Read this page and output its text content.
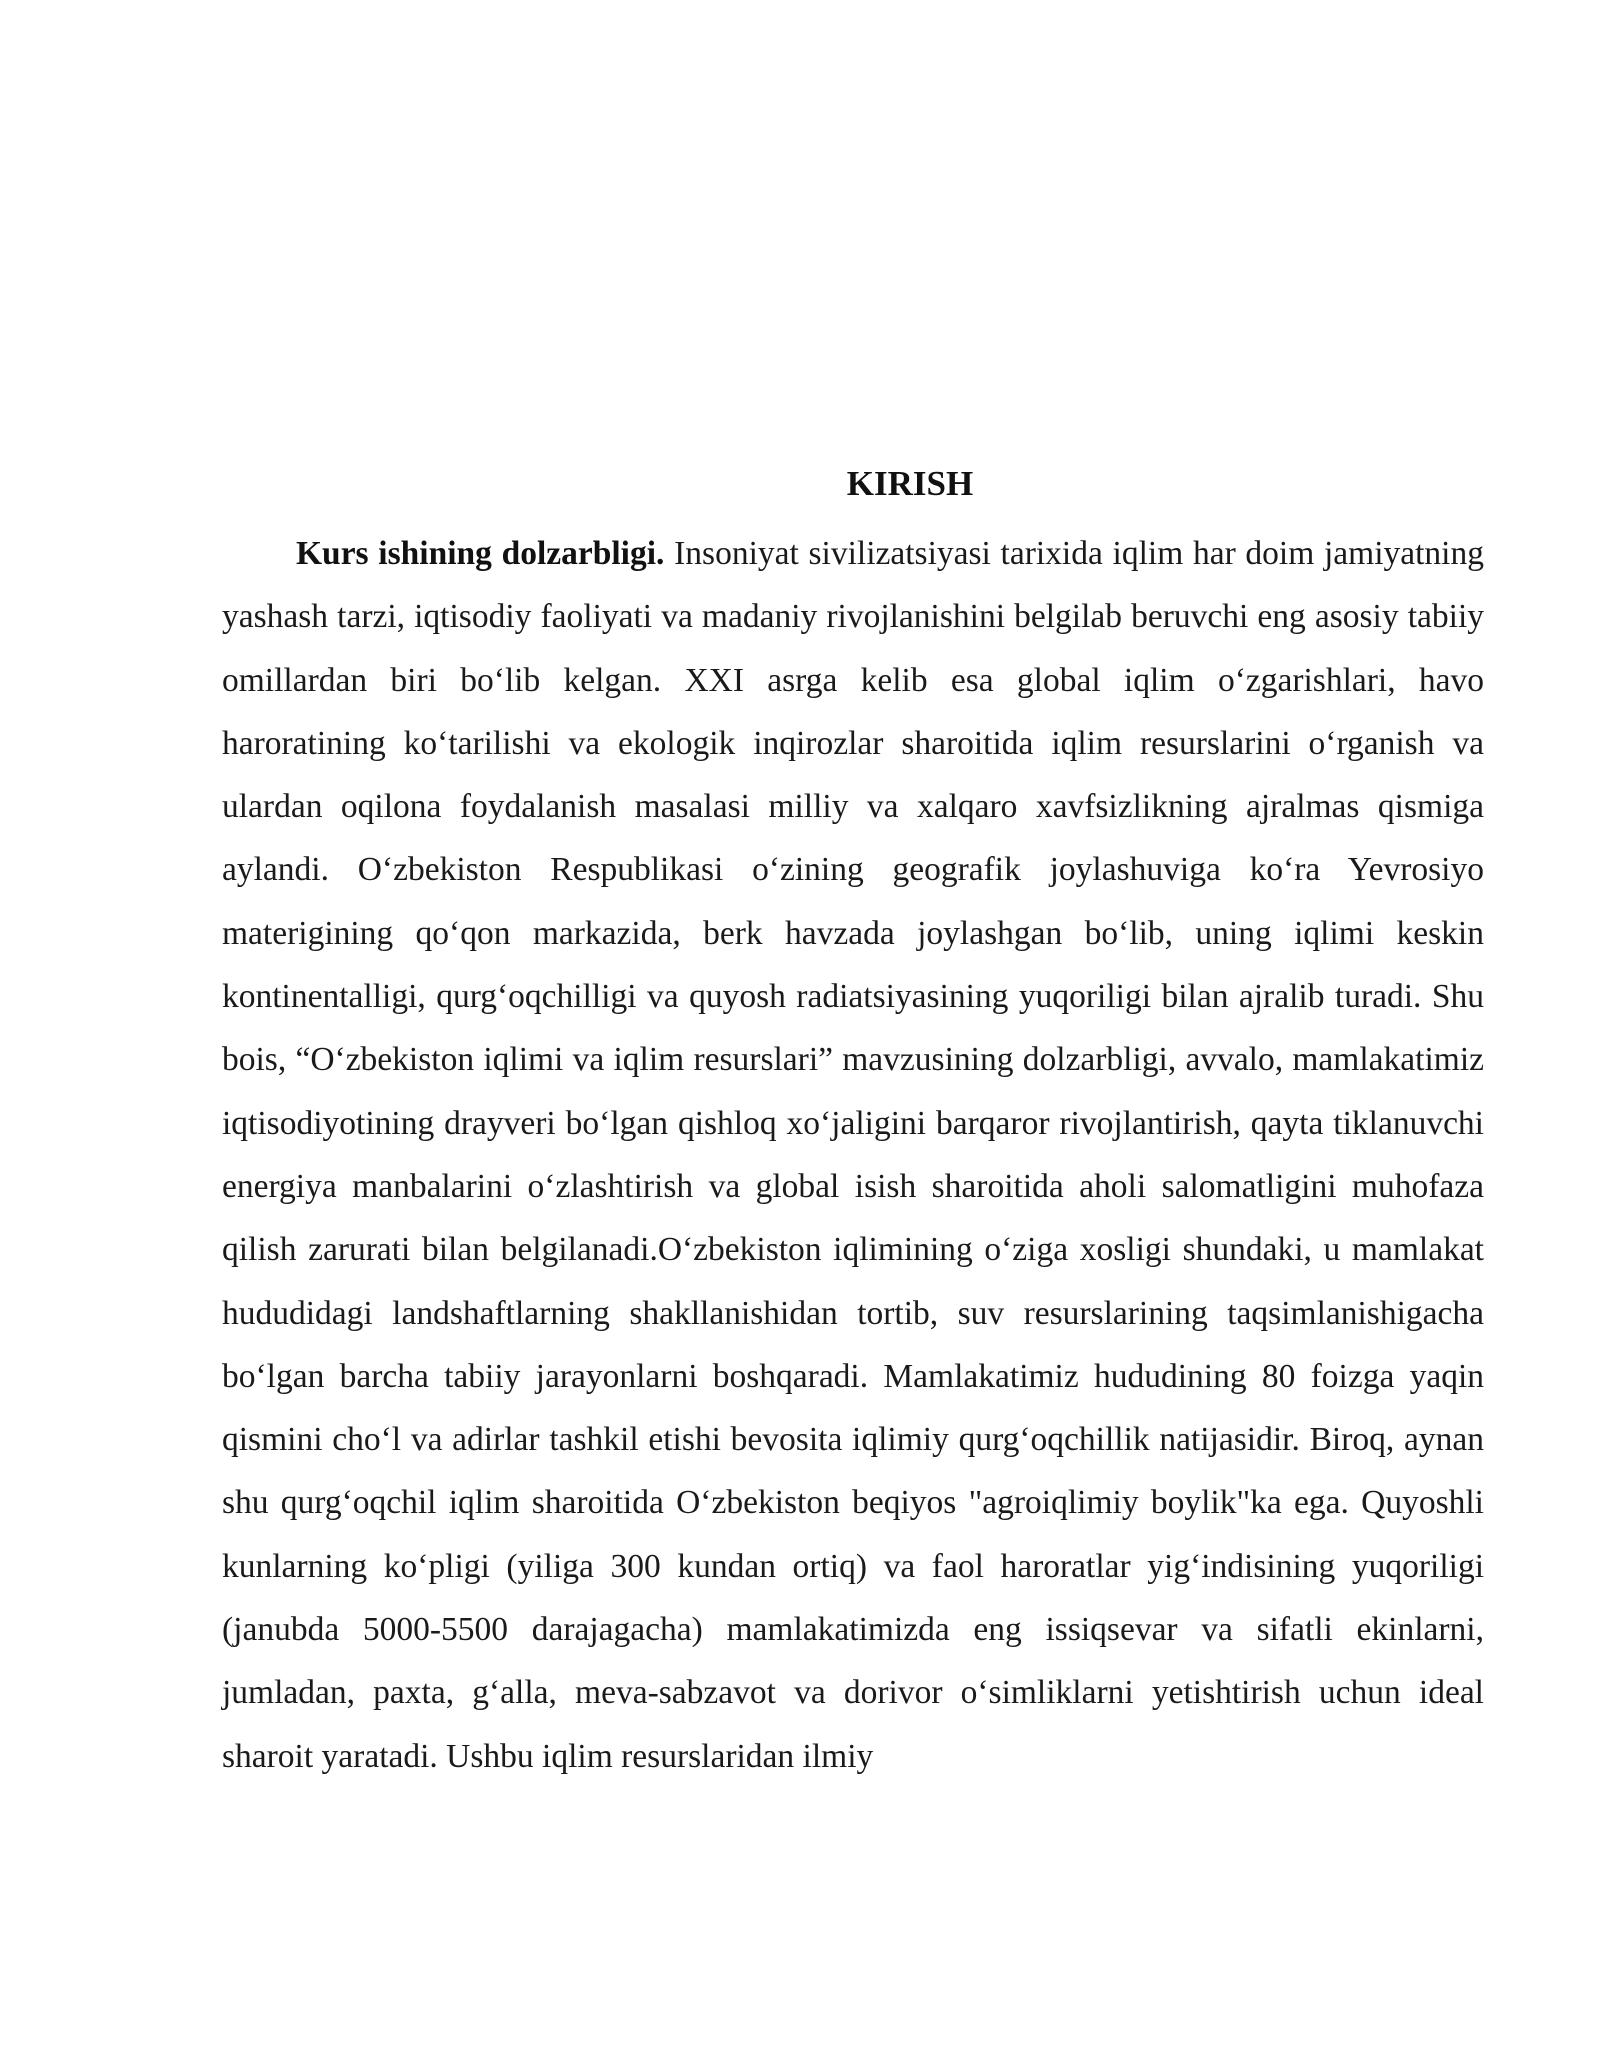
KIRISH

Kurs ishining dolzarbligi. Insoniyat sivilizatsiyasi tarixida iqlim har doim jamiyatning yashash tarzi, iqtisodiy faoliyati va madaniy rivojlanishini belgilab beruvchi eng asosiy tabiiy omillardan biri bo‘lib kelgan. XXI asrga kelib esa global iqlim o‘zgarishlari, havo haroratining ko‘tarilishi va ekologik inqirozlar sharoitida iqlim resurslarini o‘rganish va ulardan oqilona foydalanish masalasi milliy va xalqaro xavfsizlikning ajralmas qismiga aylandi. O‘zbekiston Respublikasi o‘zining geografik joylashuviga ko‘ra Yevrosiyo materigining qo‘qon markazida, berk havzada joylashgan bo‘lib, uning iqlimi keskin kontinentalligi, qurg‘oqchilligi va quyosh radiatsiyasining yuqoriligi bilan ajralib turadi. Shu bois, “O‘zbekiston iqlimi va iqlim resurslari” mavzusining dolzarbligi, avvalo, mamlakatimiz iqtisodiyotining drayveri bo‘lgan qishloq xo‘jaligini barqaror rivojlantirish, qayta tiklanuvchi energiya manbalarini o‘zlashtirish va global isish sharoitida aholi salomatligini muhofaza qilish zarurati bilan belgilanadi.O‘zbekiston iqlimining o‘ziga xosligi shundaki, u mamlakat hududidagi landshaftlarning shakllanishidan tortib, suv resurslarining taqsimlanishigacha bo‘lgan barcha tabiiy jarayonlarni boshqaradi. Mamlakatimiz hududining 80 foizga yaqin qismini cho‘l va adirlar tashkil etishi bevosita iqlimiy qurg‘oqchillik natijasidir. Biroq, aynan shu qurg‘oqchil iqlim sharoitida O‘zbekiston beqiyos "agroiqlimiy boylik"ka ega. Quyoshli kunlarning ko‘pligi (yiliga 300 kundan ortiq) va faol haroratlar yig‘indisining yuqoriligi (janubda 5000-5500 darajagacha) mamlakatimizda eng issiqsevar va sifatli ekinlarni, jumladan, paxta, g‘alla, meva-sabzavot va dorivor o‘simliklarni yetishtirish uchun ideal sharoit yaratadi. Ushbu iqlim resurslaridan ilmiy
